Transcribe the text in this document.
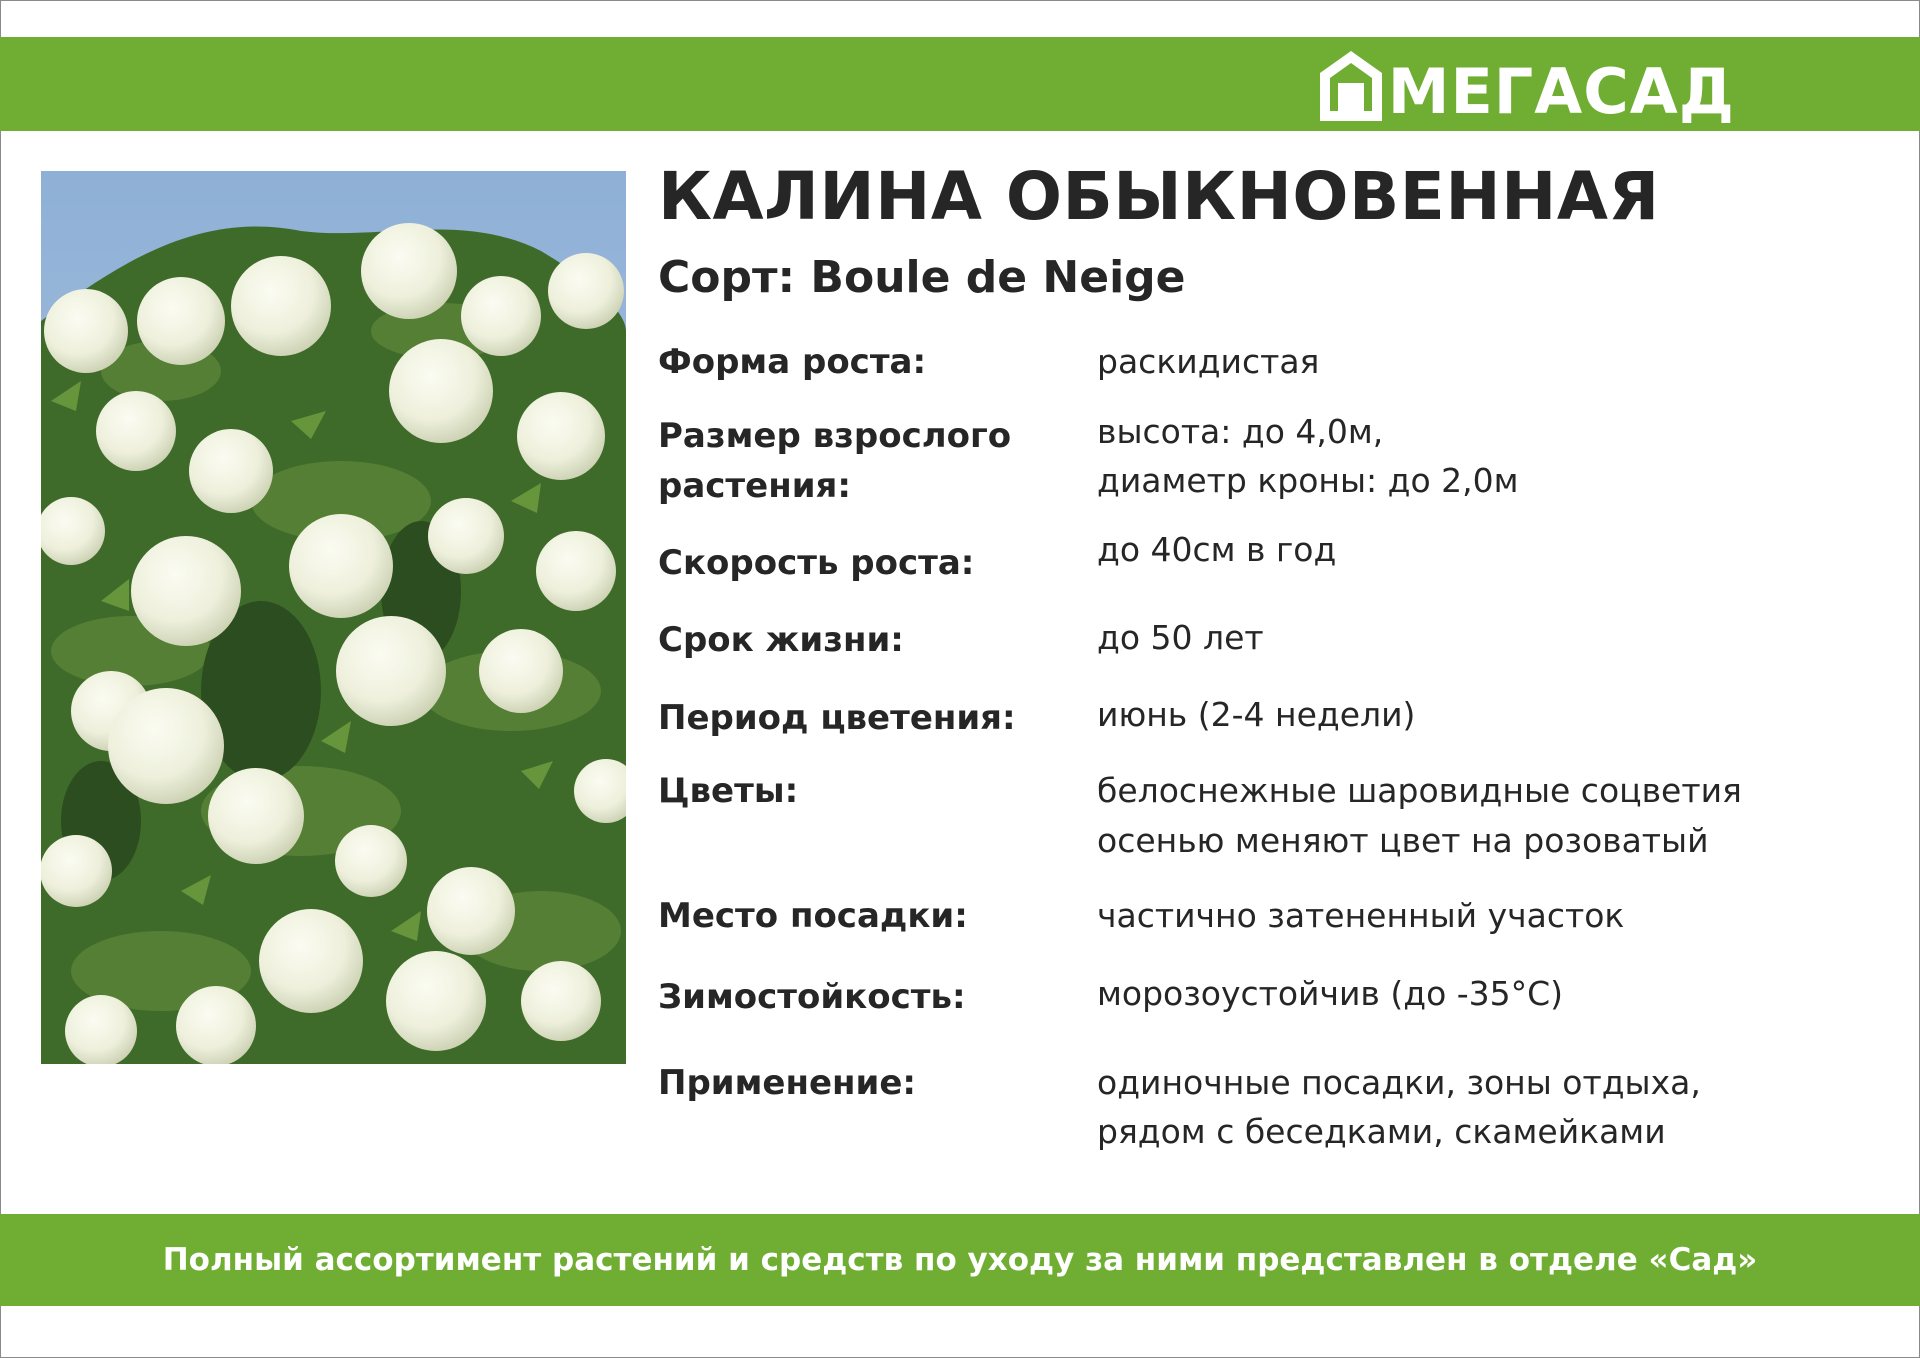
МЕГАСАД
КАЛИНА ОБЫКНОВЕННАЯ
Сорт: Boule de Neige
Форма роста:	раскидистая
Размер взрослого
растения:
высота: до 4,0м,
диаметр кроны: до 2,0м
Скорость роста:	до 40см в год
Срок жизни:	до 50 лет
Период цветения: июнь (2-4 недели)
Цветы:	белоснежные шаровидные соцветия
осенью меняют цвет на розоватый
Место посадки:	частично затененный участок
Зимостойкость:	морозоустойчив (до -35°С)
Применение:	одиночные посадки, зоны отдыха,
рядом с беседками, скамейками
Полный ассортимент растений и средств по уходу за ними представлен в отделе «Сад»
